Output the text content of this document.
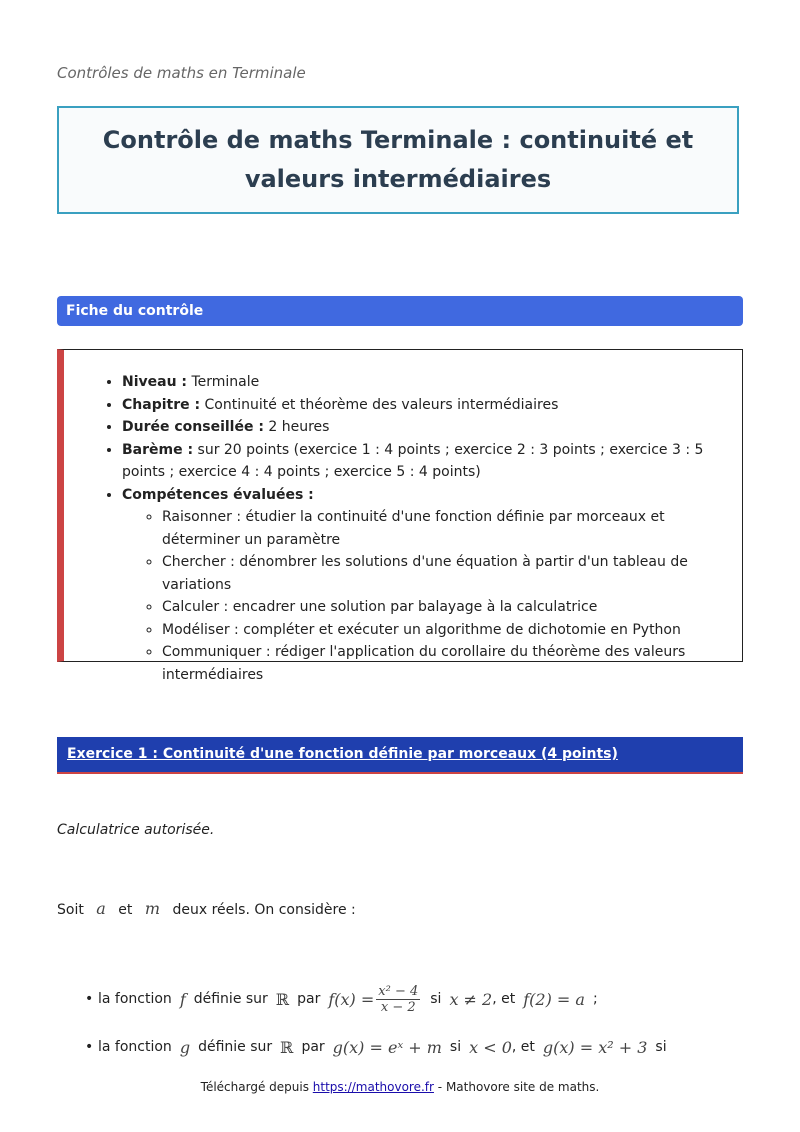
Contrôles de maths en Terminale
Contrôle de maths Terminale : continuité et valeurs intermédiaires
Fiche du contrôle
• Niveau : Terminale
• Chapitre : Continuité et théorème des valeurs intermédiaires
• Durée conseillée : 2 heures
• Barème : sur 20 points (exercice 1 : 4 points ; exercice 2 : 3 points ; exercice 3 : 5 points ; exercice 4 : 4 points ; exercice 5 : 4 points)
• Compétences évaluées :
◦ Raisonner : étudier la continuité d'une fonction définie par morceaux et déterminer un paramètre
◦ Chercher : dénombrer les solutions d'une équation à partir d'un tableau de variations
◦ Calculer : encadrer une solution par balayage à la calculatrice
◦ Modéliser : compléter et exécuter un algorithme de dichotomie en Python
◦ Communiquer : rédiger l'application du corollaire du théorème des valeurs intermédiaires
Exercice 1 : Continuité d'une fonction définie par morceaux (4 points)
Calculatrice autorisée.
Soit a et m deux réels. On considère :
• la fonction f définie sur ℝ par $f(x) = \frac{\text{x² − 4}}{x - 2}$ si x ≠ 2 , et f(2) = a ;
• la fonction g définie sur ℝ par g(x) = eˣ + m si x < 0 , et g(x) = x² + 3 si
Téléchargé depuis https://mathovore.fr - Mathovore site de maths.
